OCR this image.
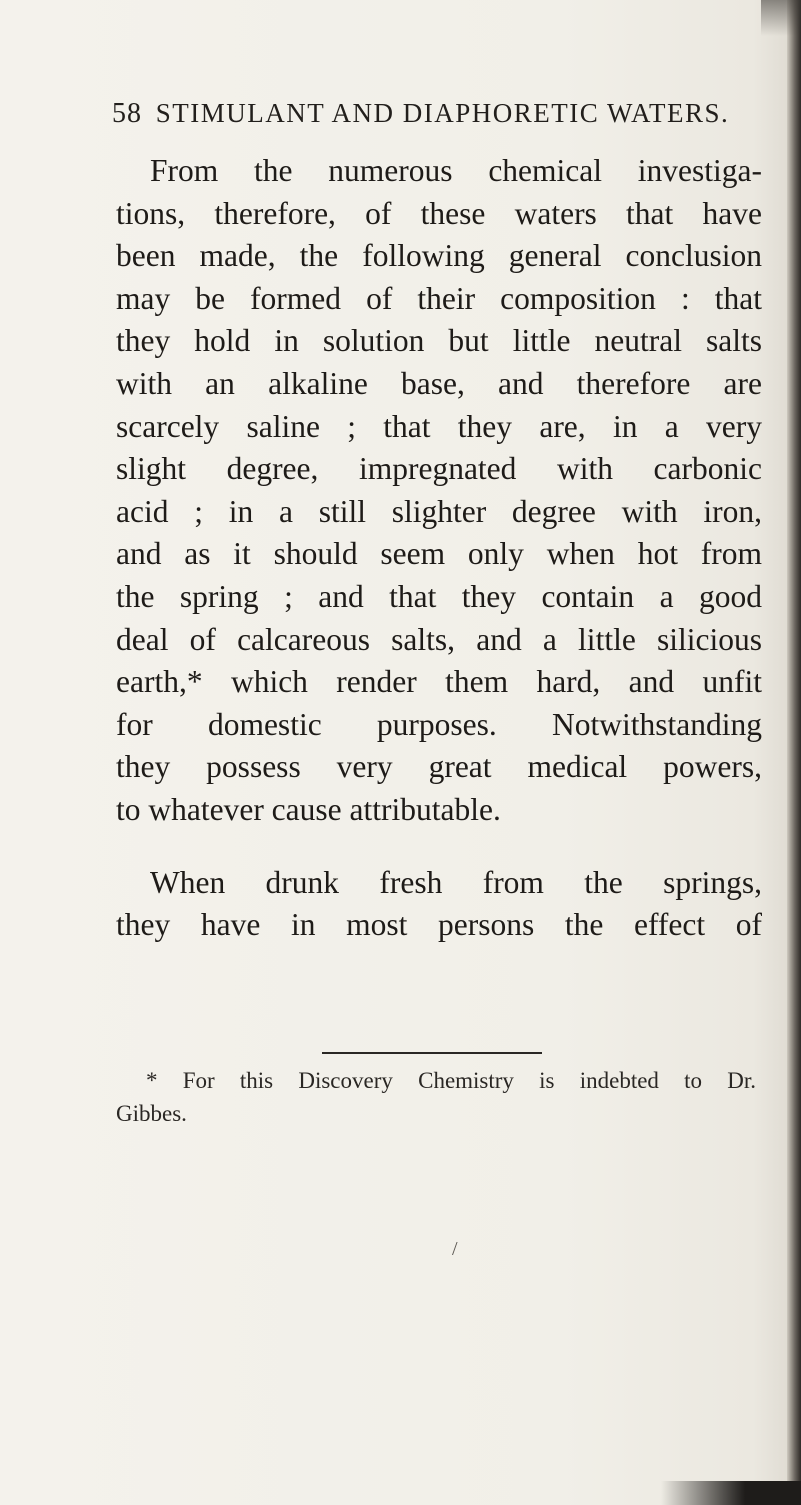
58 STIMULANT AND DIAPHORETIC WATERS.
From the numerous chemical investiga-
tions, therefore, of these waters that have
been made, the following general conclusion
may be formed of their composition : that
they hold in solution but little neutral salts
with an alkaline base, and therefore are
scarcely saline ; that they are, in a very
slight degree, impregnated with carbonic
acid ; in a still slighter degree with iron,
and as it should seem only when hot from
the spring ; and that they contain a good
deal of calcareous salts, and a little silicious
earth,* which render them hard, and unfit
for domestic purposes. Notwithstanding
they possess very great medical powers,
to whatever cause attributable.
When drunk fresh from the springs,
they have in most persons the effect of
* For this Discovery Chemistry is indebted to Dr.
Gibbes.
/
